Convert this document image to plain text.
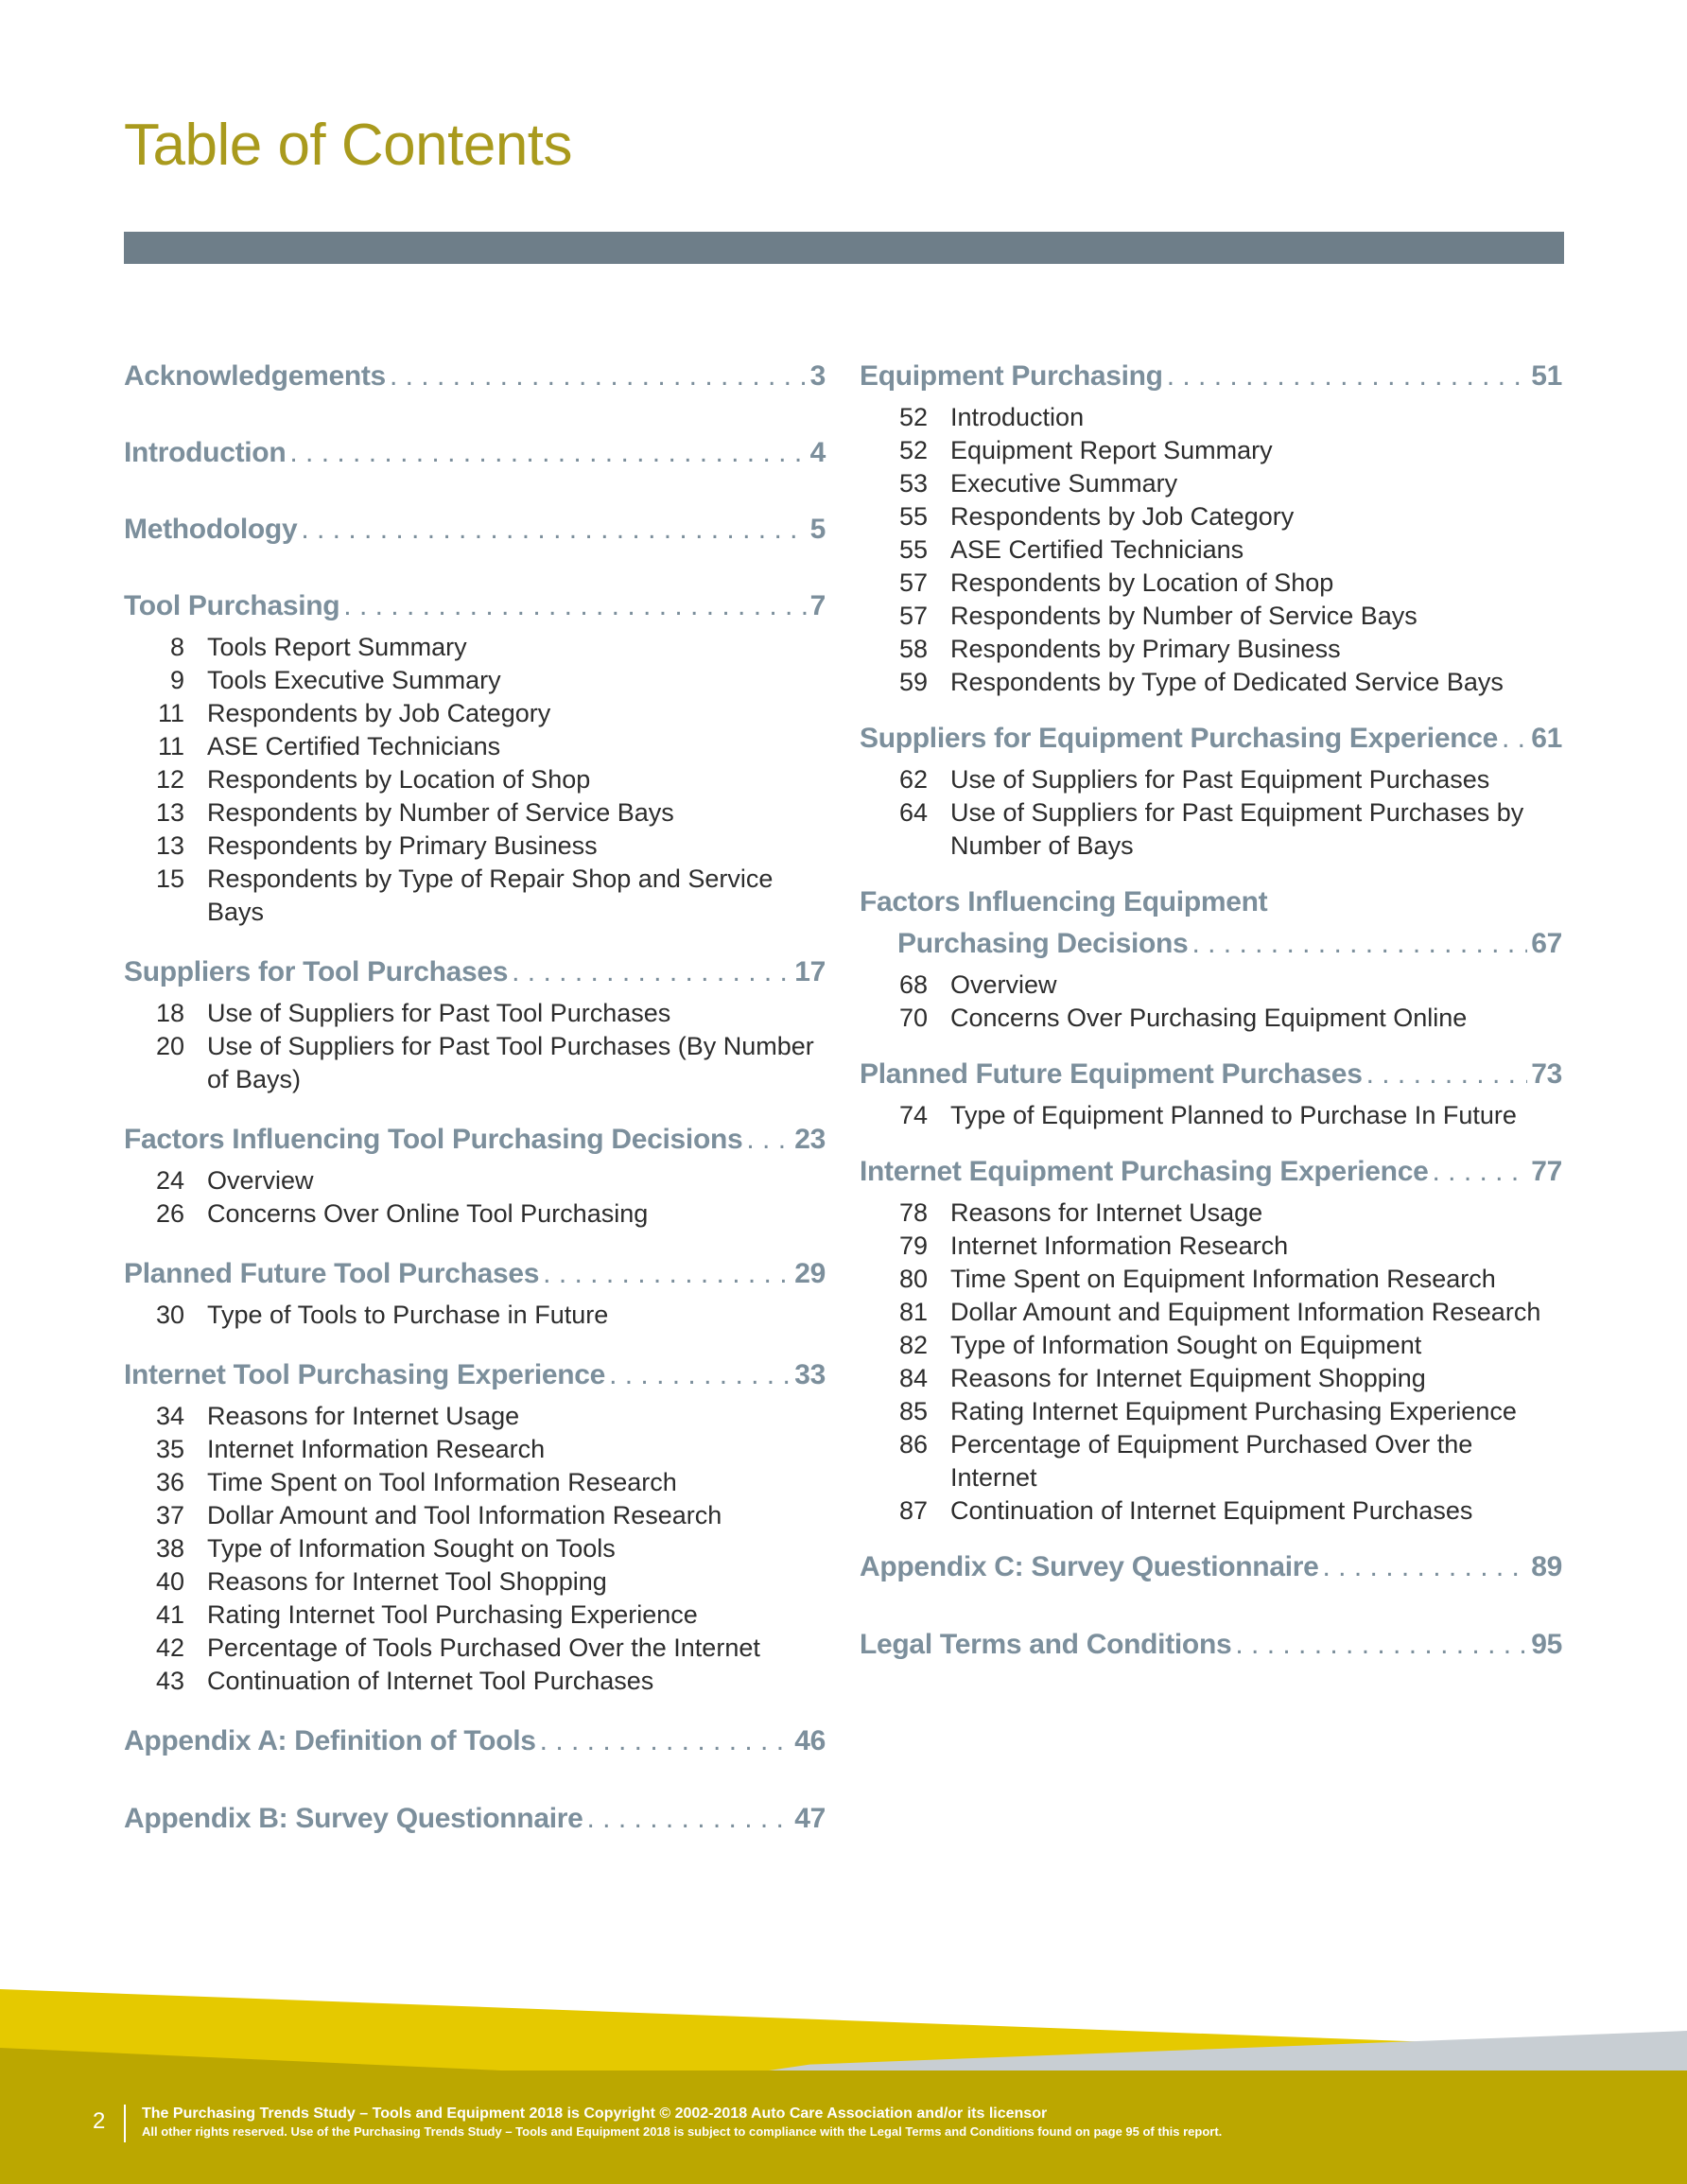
Table of Contents
Acknowledgements . . .	3
Introduction . . .	4
Methodology . . .	5
Tool Purchasing . . .	7
8 Tools Report Summary
9 Tools Executive Summary
11 Respondents by Job Category
11 ASE Certified Technicians
12 Respondents by Location of Shop
13 Respondents by Number of Service Bays
13 Respondents by Primary Business
15 Respondents by Type of Repair Shop and Service Bays
Suppliers for Tool Purchases . . .	17
18 Use of Suppliers for Past Tool Purchases
20 Use of Suppliers for Past Tool Purchases (By Number of Bays)
Factors Influencing Tool Purchasing Decisions . . . 23
24 Overview
26 Concerns Over Online Tool Purchasing
Planned Future Tool Purchases . . .	29
30 Type of Tools to Purchase in Future
Internet Tool Purchasing Experience . . .	33
34 Reasons for Internet Usage
35 Internet Information Research
36 Time Spent on Tool Information Research
37 Dollar Amount and Tool Information Research
38 Type of Information Sought on Tools
40 Reasons for Internet Tool Shopping
41 Rating Internet Tool Purchasing Experience
42 Percentage of Tools Purchased Over the Internet
43 Continuation of Internet Tool Purchases
Appendix A: Definition of Tools . . .	46
Appendix B: Survey Questionnaire . . .	47
Equipment Purchasing . . .	51
52 Introduction
52 Equipment Report Summary
53 Executive Summary
55 Respondents by Job Category
55 ASE Certified Technicians
57 Respondents by Location of Shop
57 Respondents by Number of Service Bays
58 Respondents by Primary Business
59 Respondents by Type of Dedicated Service Bays
Suppliers for Equipment Purchasing Experience . . . 61
62 Use of Suppliers for Past Equipment Purchases
64 Use of Suppliers for Past Equipment Purchases by Number of Bays
Factors Influencing Equipment
Purchasing Decisions . . .	67
68 Overview
70 Concerns Over Purchasing Equipment Online
Planned Future Equipment Purchases . . .	73
74 Type of Equipment Planned to Purchase In Future
Internet Equipment Purchasing Experience . . .	77
78 Reasons for Internet Usage
79 Internet Information Research
80 Time Spent on Equipment Information Research
81 Dollar Amount and Equipment Information Research
82 Type of Information Sought on Equipment
84 Reasons for Internet Equipment Shopping
85 Rating Internet Equipment Purchasing Experience
86 Percentage of Equipment Purchased Over the Internet
87 Continuation of Internet Equipment Purchases
Appendix C: Survey Questionnaire . . .	89
Legal Terms and Conditions . . .	95
2 The Purchasing Trends Study – Tools and Equipment 2018 is Copyright © 2002-2018 Auto Care Association and/or its licensor
All other rights reserved. Use of the Purchasing Trends Study – Tools and Equipment 2018 is subject to compliance with the Legal Terms and Conditions found on page 95 of this report.
